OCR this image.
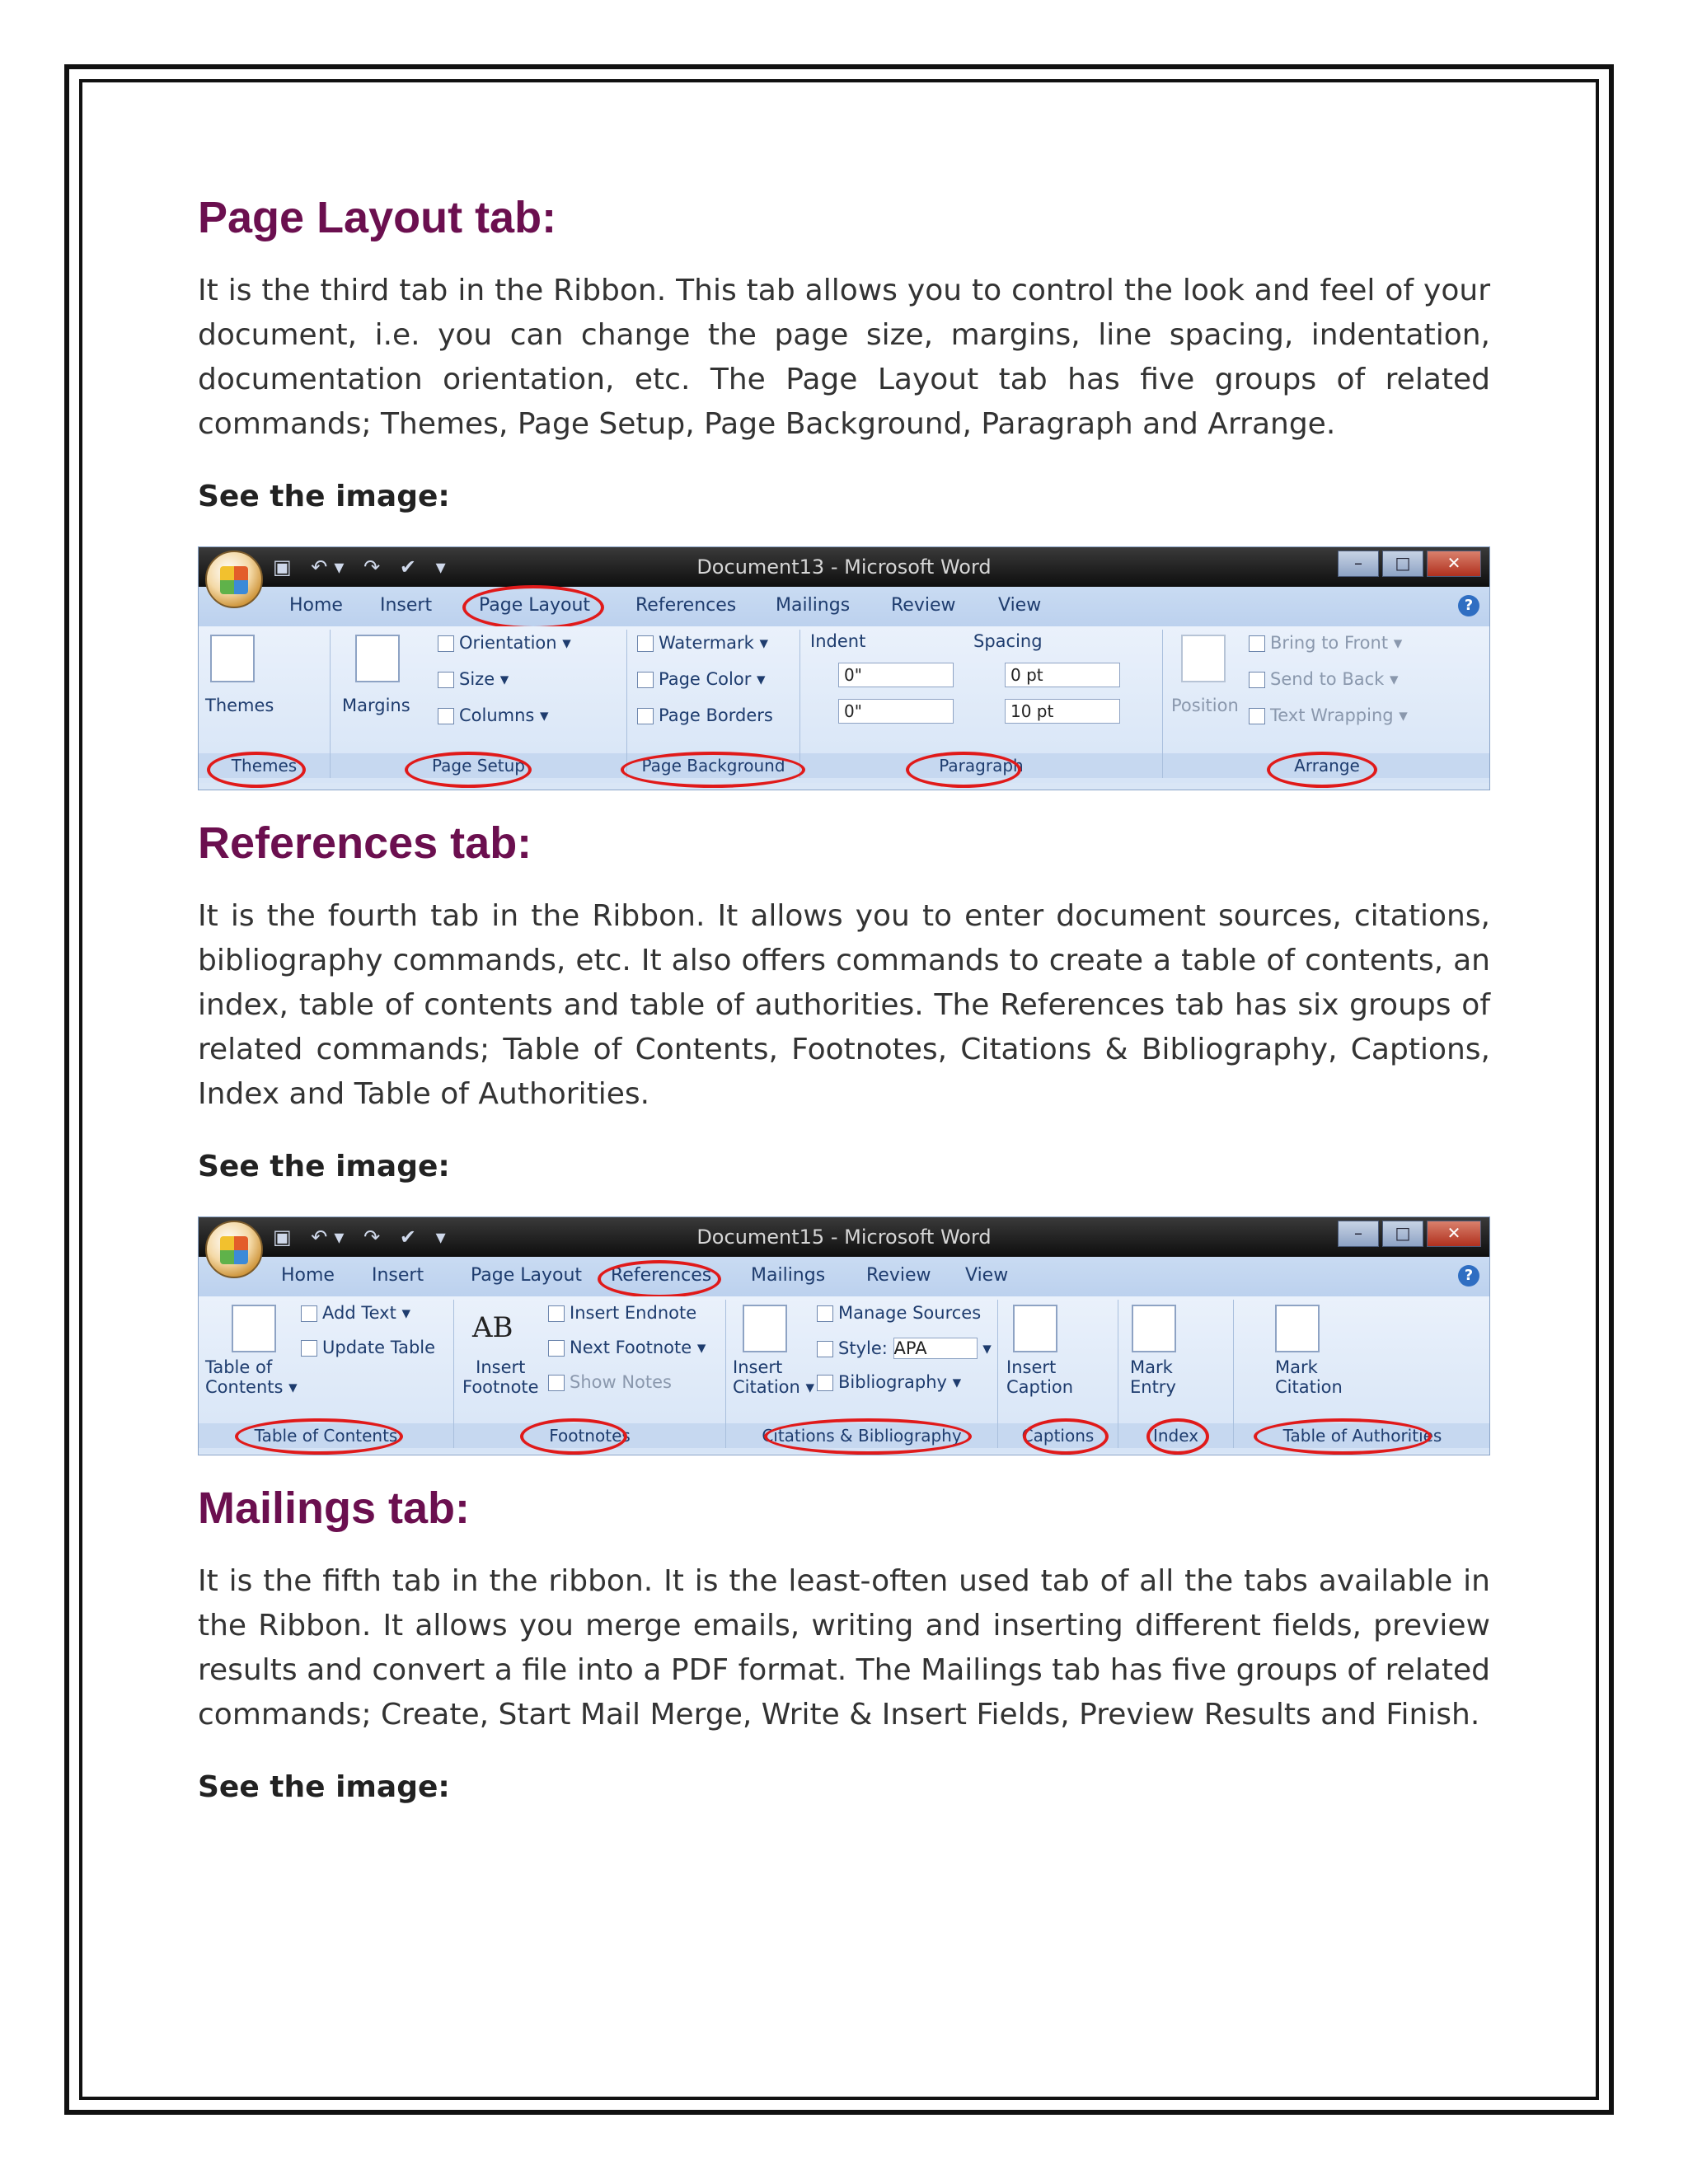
Page Layout tab:

It is the third tab in the Ribbon. This tab allows you to control the look and feel of your document, i.e. you can change the page size, margins, line spacing, indentation, documentation orientation, etc. The Page Layout tab has five groups of related commands; Themes, Page Setup, Page Background, Paragraph and Arrange.

See the image:

▣ ↶▾ ↷ ✔ ▾	Document13 - Microsoft Word	–	□	✕
Home Insert	Page Layout References Mailings Review View	?
Themes
Themes
Margins
Orientation ▾
Size ▾
Columns ▾
Page Setup
Watermark ▾
Page Color ▾
Page Borders
Page Background
Indent	Spacing
0"
0"
0 pt
10 pt
Paragraph
Position
Bring to Front ▾
Send to Back ▾
Text Wrapping ▾
Arrange
References tab:

It is the fourth tab in the Ribbon. It allows you to enter document sources, citations, bibliography commands, etc. It also offers commands to create a table of contents, an index, table of contents and table of authorities. The References tab has six groups of related commands; Table of Contents, Footnotes, Citations & Bibliography, Captions, Index and Table of Authorities.

See the image:

▣ ↶▾ ↷ ✔ ▾	Document15 - Microsoft Word	–	□	✕
Home Insert	Page Layout References Mailings Review View	?
Table of
Contents ▾
Add Text ▾
Update Table
Table of Contents
AB
Insert
Footnote
Insert Endnote
Next Footnote ▾
Show Notes
Footnotes
Insert
Citation ▾
Manage Sources
Style: APA	▾
Bibliography ▾
Citations & Bibliography
Insert
Caption
Captions
Mark
Entry
Index
Mark
Citation
Table of Authorities
Mailings tab:

It is the fifth tab in the ribbon. It is the least-often used tab of all the tabs available in the Ribbon. It allows you merge emails, writing and inserting different fields, preview results and convert a file into a PDF format. The Mailings tab has five groups of related commands; Create, Start Mail Merge, Write & Insert Fields, Preview Results and Finish.

See the image:
